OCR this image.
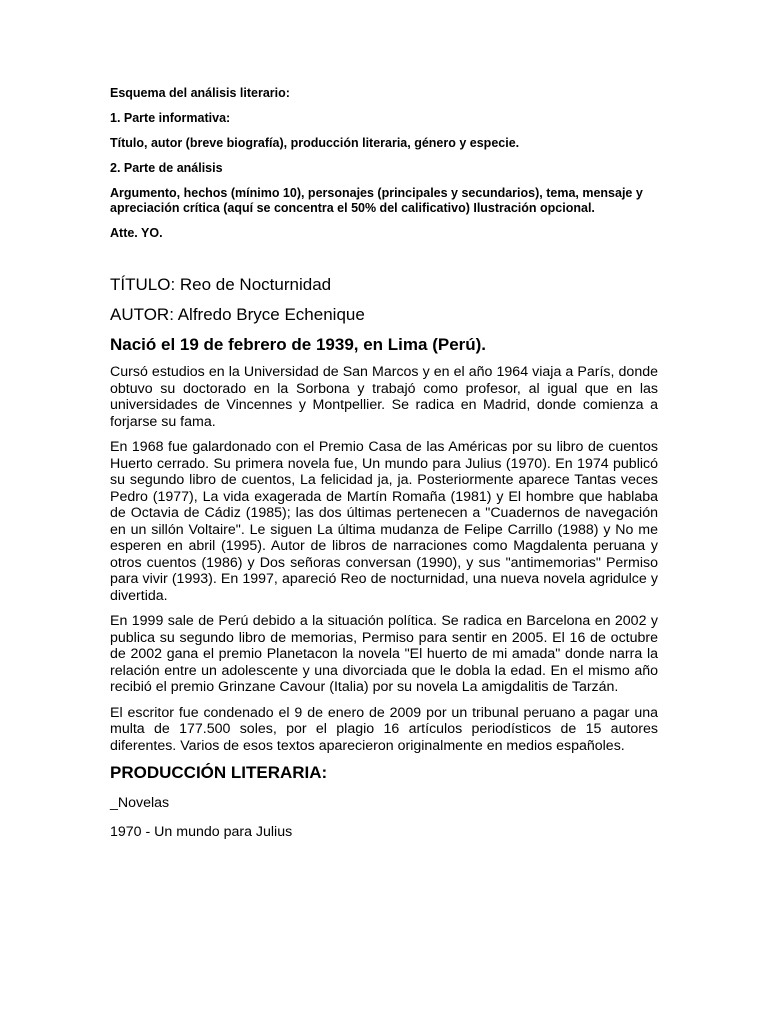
Esquema del análisis literario:

1. Parte informativa:

Título, autor (breve biografía), producción literaria, género y especie.

2. Parte de análisis

Argumento, hechos (mínimo 10), personajes (principales y secundarios), tema, mensaje y apreciación crítica (aquí se concentra el 50% del calificativo) Ilustración opcional.

Atte. YO.

TÍTULO: Reo de Nocturnidad

AUTOR: Alfredo Bryce Echenique

Nació el 19 de febrero de 1939, en Lima (Perú).

Cursó estudios en la Universidad de San Marcos y en el año 1964 viaja a París, donde obtuvo su doctorado en la Sorbona y trabajó como profesor, al igual que en las universidades de Vincennes y Montpellier. Se radica en Madrid, donde comienza a forjarse su fama.

En 1968 fue galardonado con el Premio Casa de las Américas por su libro de cuentos Huerto cerrado. Su primera novela fue, Un mundo para Julius (1970). En 1974 publicó su segundo libro de cuentos, La felicidad ja, ja. Posteriormente aparece Tantas veces Pedro (1977), La vida exagerada de Martín Romaña (1981) y El hombre que hablaba de Octavia de Cádiz (1985); las dos últimas pertenecen a "Cuadernos de navegación en un sillón Voltaire". Le siguen La última mudanza de Felipe Carrillo (1988) y No me esperen en abril (1995). Autor de libros de narraciones como Magdalenta peruana y otros cuentos (1986) y Dos señoras conversan (1990), y sus "antimemorias" Permiso para vivir (1993). En 1997, apareció Reo de nocturnidad, una nueva novela agridulce y divertida.

En 1999 sale de Perú debido a la situación política. Se radica en Barcelona en 2002 y publica su segundo libro de memorias, Permiso para sentir en 2005. El 16 de octubre de 2002 gana el premio Planetacon la novela "El huerto de mi amada" donde narra la relación entre un adolescente y una divorciada que le dobla la edad. En el mismo año recibió el premio Grinzane Cavour (Italia) por su novela La amigdalitis de Tarzán.

El escritor fue condenado el 9 de enero de 2009 por un tribunal peruano a pagar una multa de 177.500 soles, por el plagio 16 artículos periodísticos de 15 autores diferentes. Varios de esos textos aparecieron originalmente en medios españoles.

PRODUCCIÓN LITERARIA:

_Novelas

1970 - Un mundo para Julius
